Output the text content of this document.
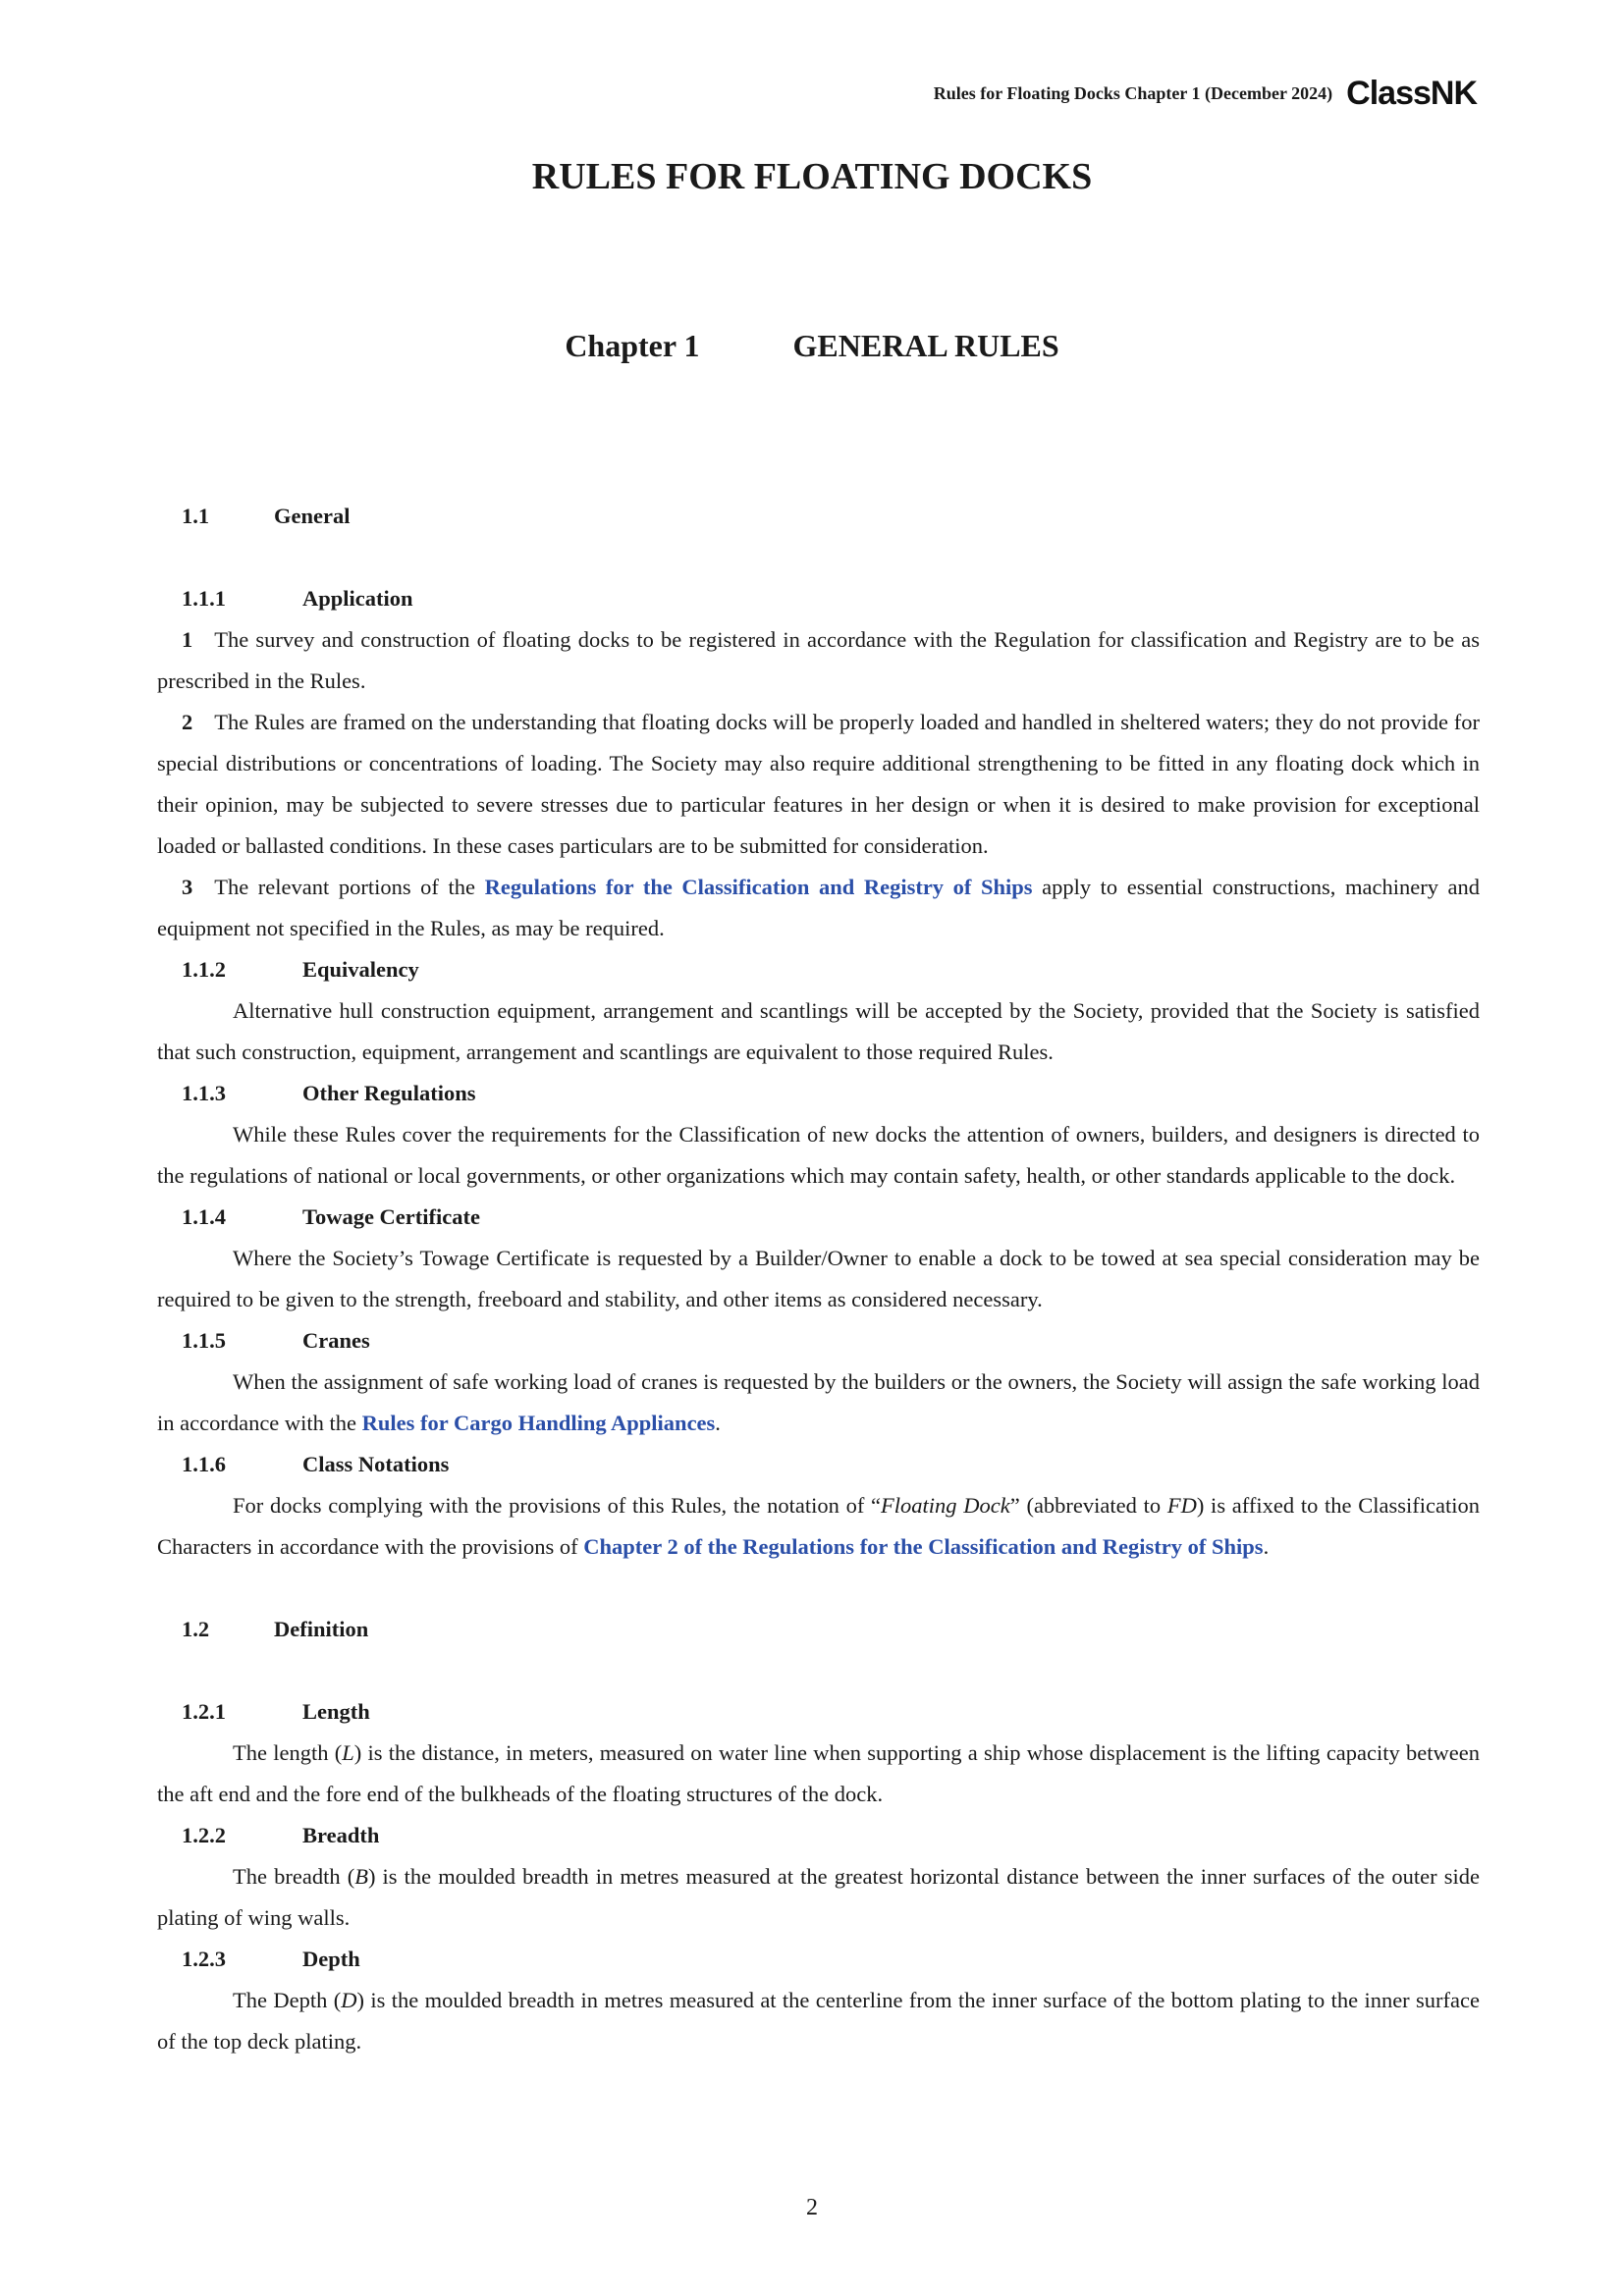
Rules for Floating Docks Chapter 1 (December 2024) ClassNK
RULES FOR FLOATING DOCKS
Chapter 1	GENERAL RULES
1.1	General
1.1.1	Application

1 The survey and construction of floating docks to be registered in accordance with the Regulation for classification and Registry are to be as prescribed in the Rules.

2 The Rules are framed on the understanding that floating docks will be properly loaded and handled in sheltered waters; they do not provide for special distributions or concentrations of loading. The Society may also require additional strengthening to be fitted in any floating dock which in their opinion, may be subjected to severe stresses due to particular features in her design or when it is desired to make provision for exceptional loaded or ballasted conditions. In these cases particulars are to be submitted for consideration.

3 The relevant portions of the Regulations for the Classification and Registry of Ships apply to essential constructions, machinery and equipment not specified in the Rules, as may be required.

1.1.2	Equivalency

Alternative hull construction equipment, arrangement and scantlings will be accepted by the Society, provided that the Society is satisfied that such construction, equipment, arrangement and scantlings are equivalent to those required Rules.

1.1.3	Other Regulations

While these Rules cover the requirements for the Classification of new docks the attention of owners, builders, and designers is directed to the regulations of national or local governments, or other organizations which may contain safety, health, or other standards applicable to the dock.

1.1.4	Towage Certificate

Where the Society’s Towage Certificate is requested by a Builder/Owner to enable a dock to be towed at sea special consideration may be required to be given to the strength, freeboard and stability, and other items as considered necessary.

1.1.5	Cranes

When the assignment of safe working load of cranes is requested by the builders or the owners, the Society will assign the safe working load in accordance with the Rules for Cargo Handling Appliances.

1.1.6	Class Notations

For docks complying with the provisions of this Rules, the notation of “Floating Dock” (abbreviated to FD) is affixed to the Classification Characters in accordance with the provisions of Chapter 2 of the Regulations for the Classification and Registry of Ships.

1.2	Definition
1.2.1	Length

The length (L) is the distance, in meters, measured on water line when supporting a ship whose displacement is the lifting capacity between the aft end and the fore end of the bulkheads of the floating structures of the dock.

1.2.2	Breadth

The breadth (B) is the moulded breadth in metres measured at the greatest horizontal distance between the inner surfaces of the outer side plating of wing walls.

1.2.3	Depth

The Depth (D) is the moulded breadth in metres measured at the centerline from the inner surface of the bottom plating to the inner surface of the top deck plating.

2
